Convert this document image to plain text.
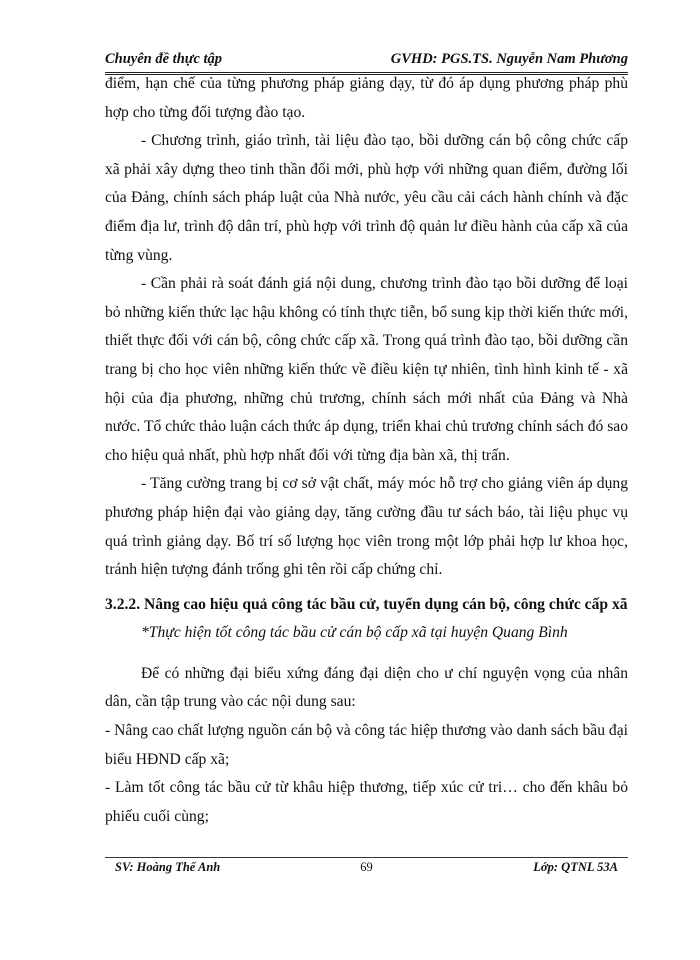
Chuyên đề thực tập	GVHD: PGS.TS. Nguyễn Nam Phương

điểm, hạn chế của từng phương pháp giảng dạy, từ đó áp dụng phương pháp phù hợp cho từng đối tượng đào tạo.

- Chương trình, giáo trình, tài liệu đào tạo, bồi dưỡng cán bộ công chức cấp xã phải xây dựng theo tinh thần đổi mới, phù hợp với những quan điểm, đường lối của Đảng, chính sách pháp luật của Nhà nước, yêu cầu cải cách hành chính và đặc điểm địa lư, trình độ dân trí, phù hợp với trình độ quản lư điều hành của cấp xã của từng vùng.

- Cần phải rà soát đánh giá nội dung, chương trình đào tạo bồi dưỡng để loại bỏ những kiến thức lạc hậu không có tính thực tiễn, bổ sung kịp thời kiến thức mới, thiết thực đối với cán bộ, công chức cấp xã. Trong quá trình đào tạo, bồi dưỡng cần trang bị cho học viên những kiến thức về điều kiện tự nhiên, tình hình kinh tế - xã hội của địa phương, những chủ trương, chính sách mới nhất của Đảng và Nhà nước. Tổ chức thảo luận cách thức áp dụng, triển khai chủ trương chính sách đó sao cho hiệu quả nhất, phù hợp nhất đối với từng địa bàn xã, thị trấn.

- Tăng cường trang bị cơ sở vật chất, máy móc hỗ trợ cho giảng viên áp dụng phương pháp hiện đại vào giảng dạy, tăng cường đầu tư sách báo, tài liệu phục vụ quá trình giảng dạy. Bố trí số lượng học viên trong một lớp phải hợp lư khoa học, tránh hiện tượng đánh trống ghi tên rồi cấp chứng chỉ.

3.2.2. Nâng cao hiệu quả công tác bầu cử, tuyển dụng cán bộ, công chức cấp xã

*Thực hiện tốt công tác bầu cử cán bộ cấp xã tại huyện Quang Bình

Để có những đại biểu xứng đáng đại diện cho ư chí nguyện vọng của nhân dân, cần tập trung vào các nội dung sau:

- Nâng cao chất lượng nguồn cán bộ và công tác hiệp thương vào danh sách bầu đại biểu HĐND cấp xã;

- Làm tốt công tác bầu cử từ khâu hiệp thương, tiếp xúc cử tri… cho đến khâu bỏ phiếu cuối cùng;

SV: Hoàng Thế Anh	69	Lớp: QTNL 53A
